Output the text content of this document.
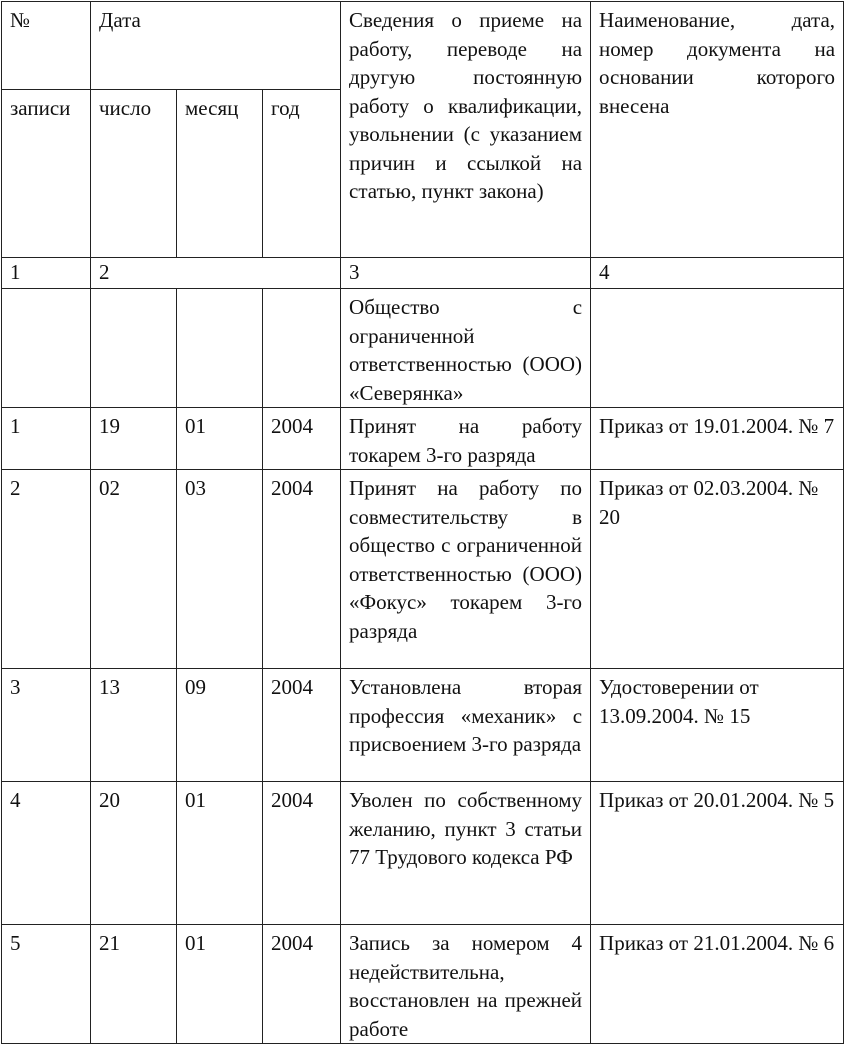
№	Дата			Сведения о приеме на работу, переводе на другую постоянную работу о квалификации, увольнении (с указанием причин и ссылкой на статью, пункт закона)	Наименование, дата, номер документа на основании которого внесена
записи	число	месяц	год		
1	2			3	4
				Общество с ограниченной ответственностью (ООО) «Северянка»	
1	19	01	2004	Принят на работу токарем 3-го разряда	Приказ от 19.01.2004. № 7
2	02	03	2004	Принят на работу по совместительству в общество с ограниченной ответственностью (ООО) «Фокус» токарем 3-го разряда	Приказ от 02.03.2004. № 20
3	13	09	2004	Установлена вторая профессия «механик» с присвоением 3-го разряда	Удостоверении от 13.09.2004. № 15
4	20	01	2004	Уволен по собственному желанию, пункт 3 статьи 77 Трудового кодекса РФ	Приказ от 20.01.2004. № 5
5	21	01	2004	Запись за номером 4 недействительна, восстановлен на прежней работе	Приказ от 21.01.2004. № 6
